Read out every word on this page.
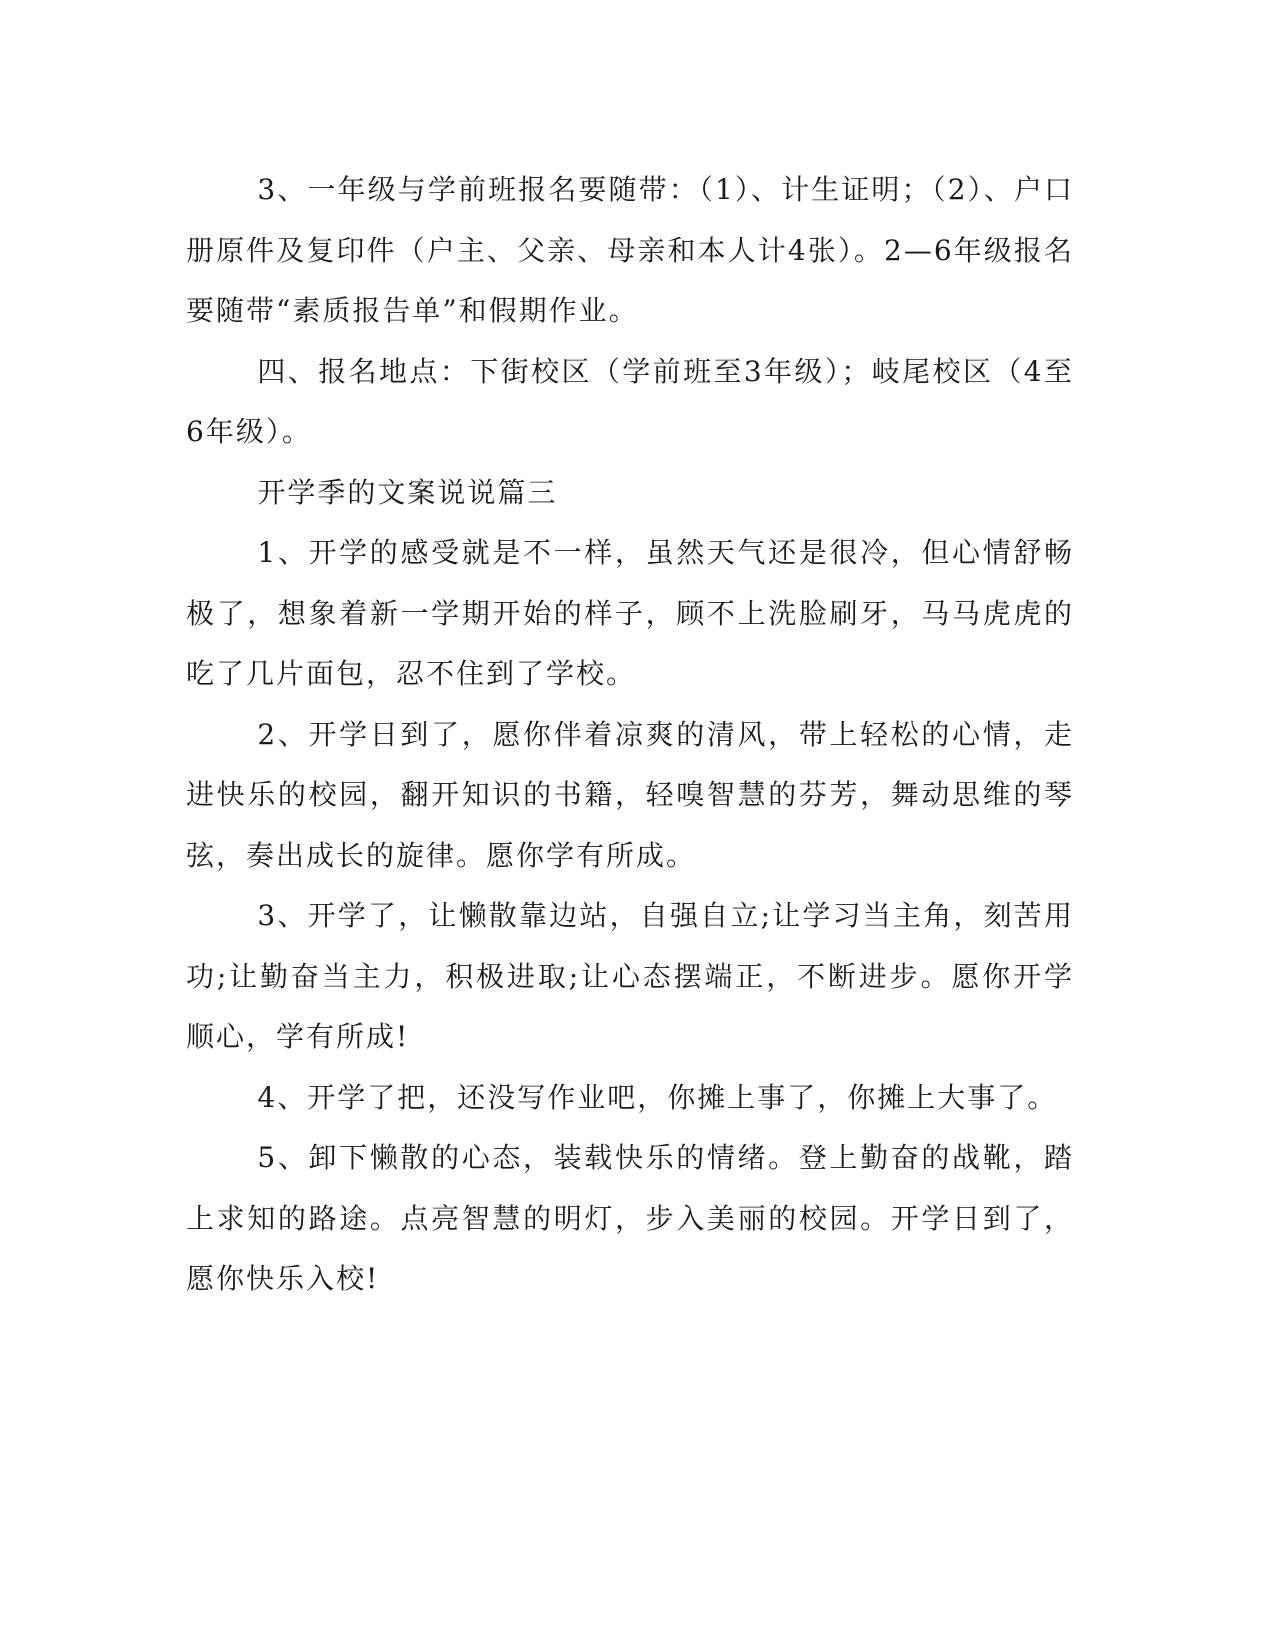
3、一年级与学前班报名要随带：（1）、计生证明；（2）、户口册原件及复印件（户主、父亲、母亲和本人计4张）。2—6年级报名要随带“素质报告单”和假期作业。

四、报名地点：下街校区（学前班至3年级）；岐尾校区（4至6年级）。

开学季的文案说说篇三

1、开学的感受就是不一样，虽然天气还是很冷，但心情舒畅极了，想象着新一学期开始的样子，顾不上洗脸刷牙，马马虎虎的吃了几片面包，忍不住到了学校。

2、开学日到了，愿你伴着凉爽的清风，带上轻松的心情，走进快乐的校园，翻开知识的书籍，轻嗅智慧的芬芳，舞动思维的琴弦，奏出成长的旋律。愿你学有所成。

3、开学了，让懒散靠边站，自强自立;让学习当主角，刻苦用功;让勤奋当主力，积极进取;让心态摆端正，不断进步。愿你开学顺心，学有所成!

4、开学了把，还没写作业吧，你摊上事了，你摊上大事了。

5、卸下懒散的心态，装载快乐的情绪。登上勤奋的战靴，踏上求知的路途。点亮智慧的明灯，步入美丽的校园。开学日到了，愿你快乐入校!
